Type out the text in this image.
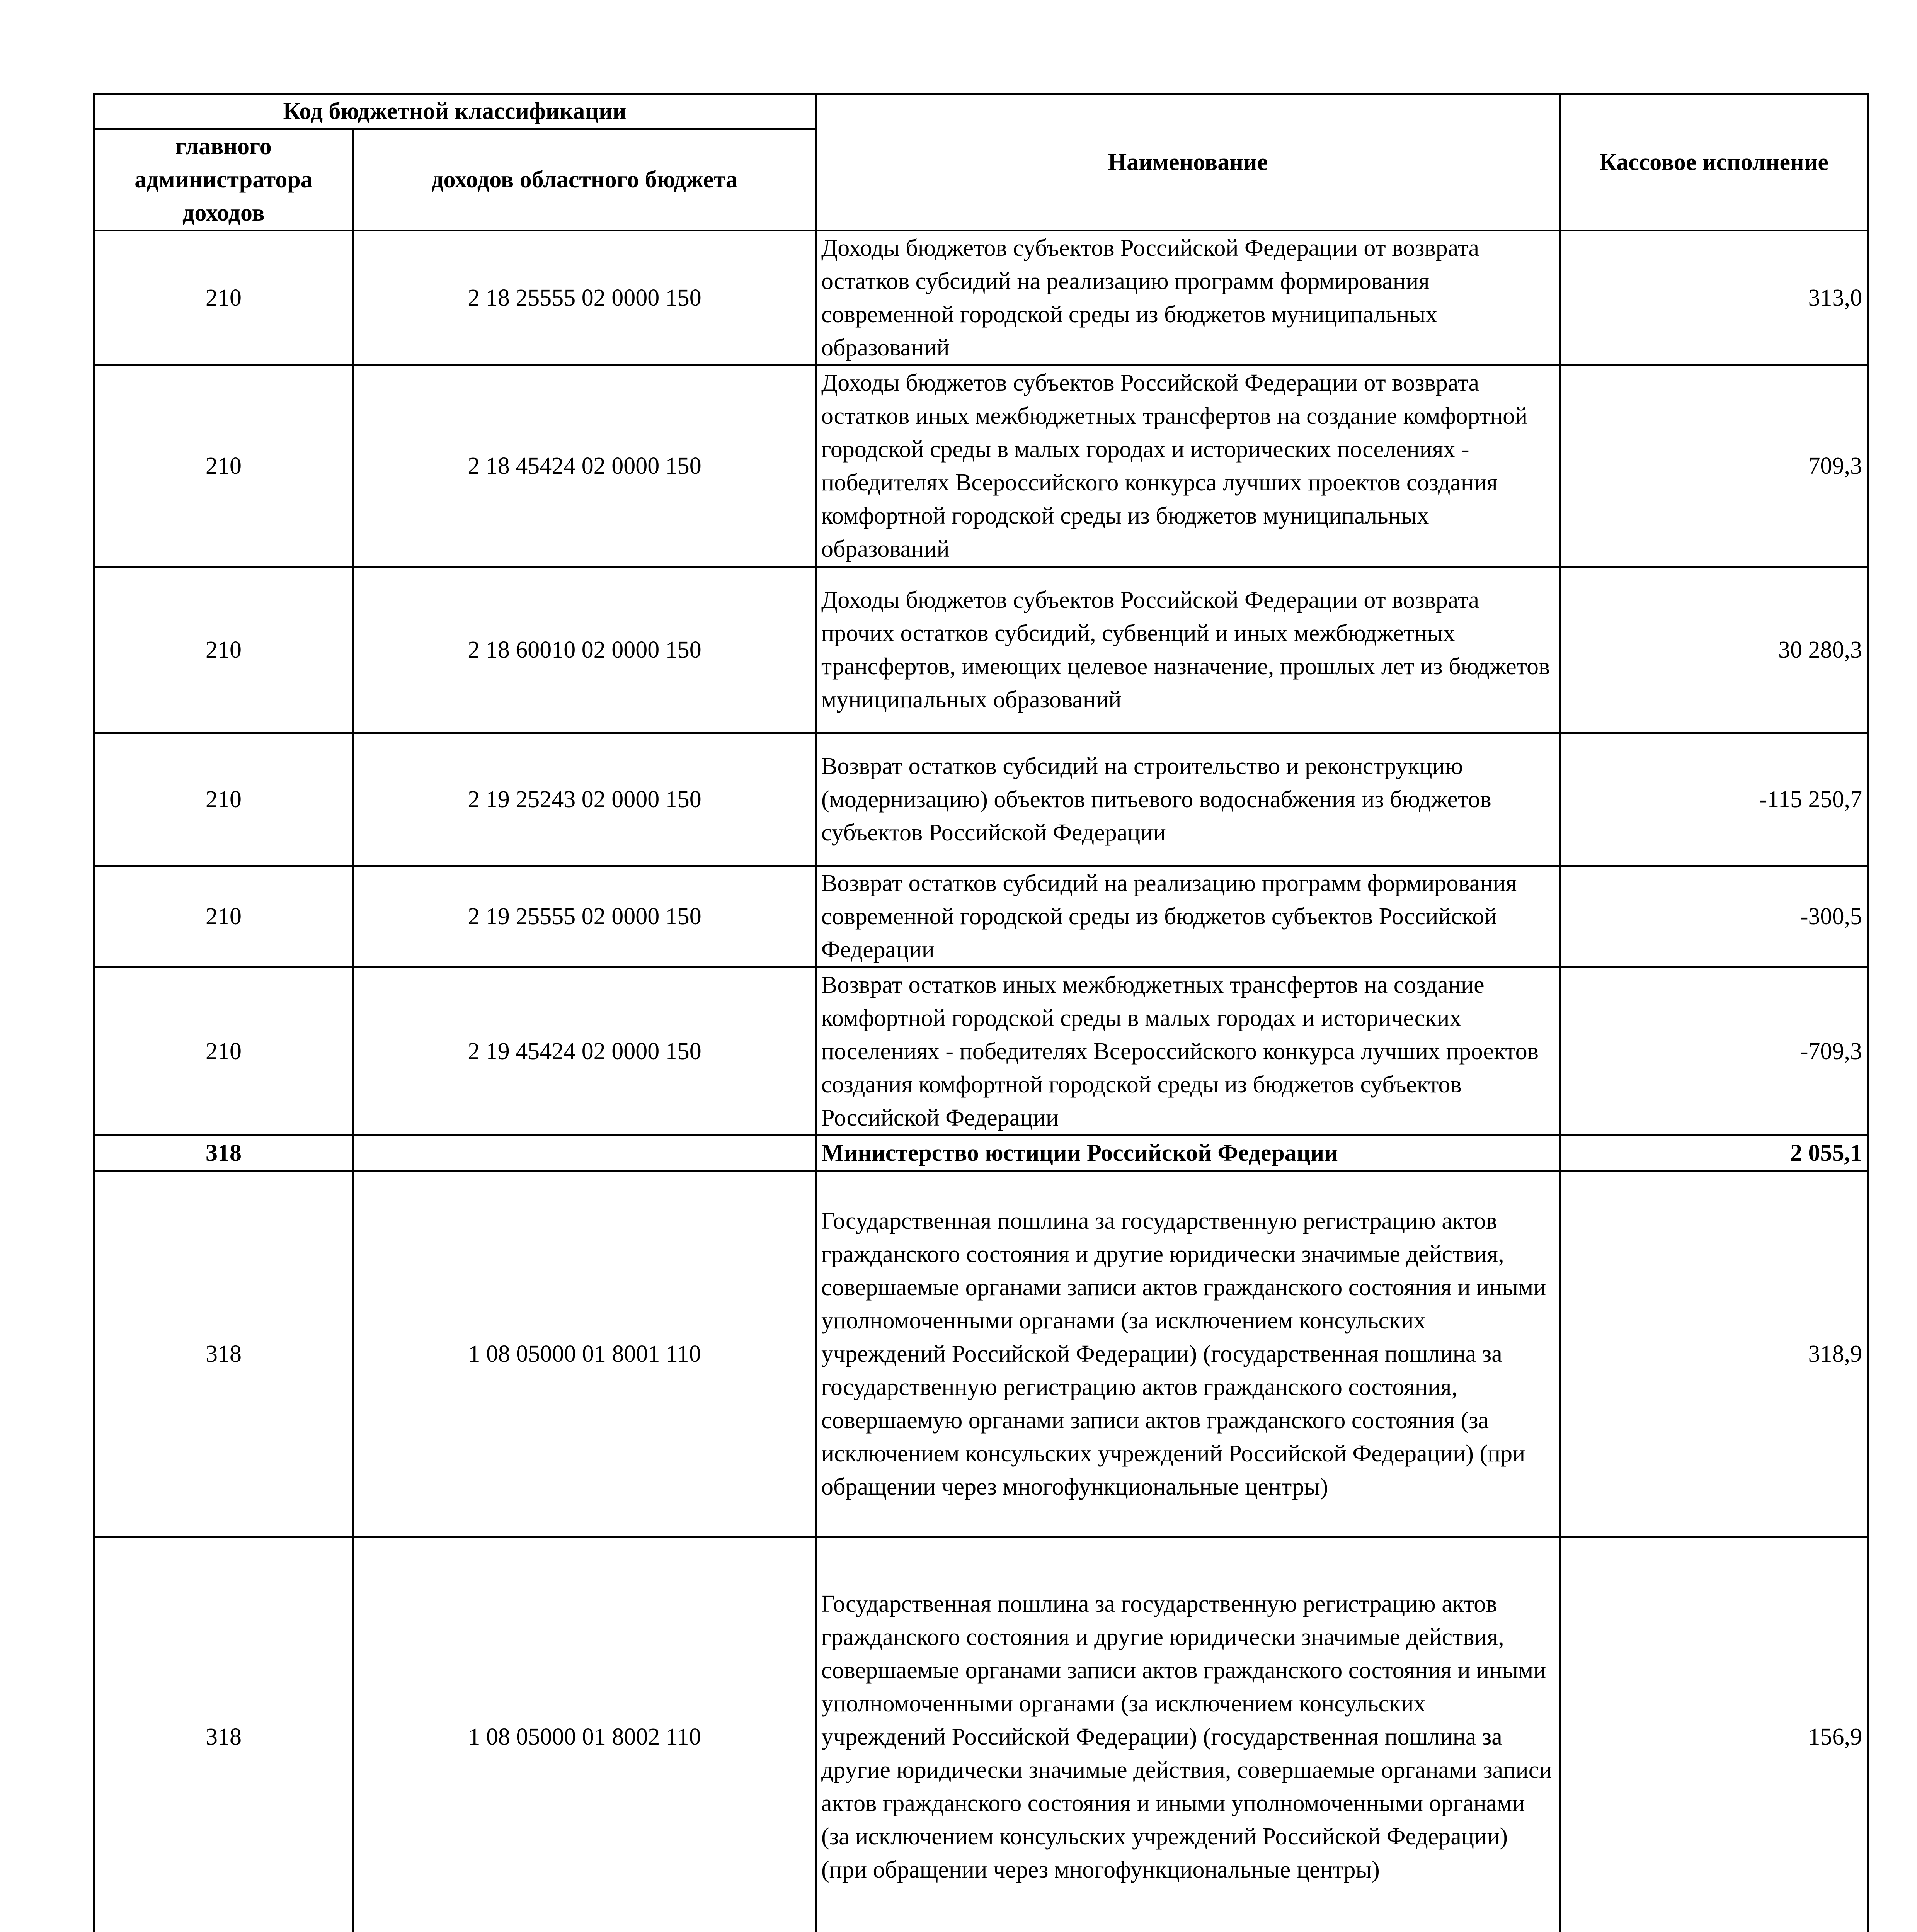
Код бюджетной классификации		Наименование	Кассовое исполнение
главного администратора доходов	доходов областного бюджета		
210	2 18 25555 02 0000 150	Доходы бюджетов субъектов Российской Федерации от возврата остатков субсидий на реализацию программ формирования современной городской среды из бюджетов муниципальных образований	313,0
210	2 18 45424 02 0000 150	Доходы бюджетов субъектов Российской Федерации от возврата остатков иных межбюджетных трансфертов на создание комфортной городской среды в малых городах и исторических поселениях - победителях Всероссийского конкурса лучших проектов создания комфортной городской среды из бюджетов муниципальных образований	709,3
210	2 18 60010 02 0000 150	Доходы бюджетов субъектов Российской Федерации от возврата прочих остатков субсидий, субвенций и иных межбюджетных трансфертов, имеющих целевое назначение, прошлых лет из бюджетов муниципальных образований	30 280,3
210	2 19 25243 02 0000 150	Возврат остатков субсидий на строительство и реконструкцию (модернизацию) объектов питьевого водоснабжения из бюджетов субъектов Российской Федерации	-115 250,7
210	2 19 25555 02 0000 150	Возврат остатков субсидий на реализацию программ формирования современной городской среды из бюджетов субъектов Российской Федерации	-300,5
210	2 19 45424 02 0000 150	Возврат остатков иных межбюджетных трансфертов на создание комфортной городской среды в малых городах и исторических поселениях - победителях Всероссийского конкурса лучших проектов создания комфортной городской среды из бюджетов субъектов Российской Федерации	-709,3
318		Министерство юстиции Российской Федерации	2 055,1
318	1 08 05000 01 8001 110	Государственная пошлина за государственную регистрацию актов гражданского состояния и другие юридически значимые действия, совершаемые органами записи актов гражданского состояния и иными уполномоченными органами (за исключением консульских учреждений Российской Федерации) (государственная пошлина за государственную регистрацию актов гражданского состояния, совершаемую органами записи актов гражданского состояния (за исключением консульских учреждений Российской Федерации) (при обращении через многофункциональные центры)	318,9
318	1 08 05000 01 8002 110	Государственная пошлина за государственную регистрацию актов гражданского состояния и другие юридически значимые действия, совершаемые органами записи актов гражданского состояния и иными уполномоченными органами (за исключением консульских учреждений Российской Федерации) (государственная пошлина за другие юридически значимые действия, совершаемые органами записи актов гражданского состояния и иными уполномоченными органами (за исключением консульских учреждений Российской Федерации) (при обращении через многофункциональные центры)	156,9
